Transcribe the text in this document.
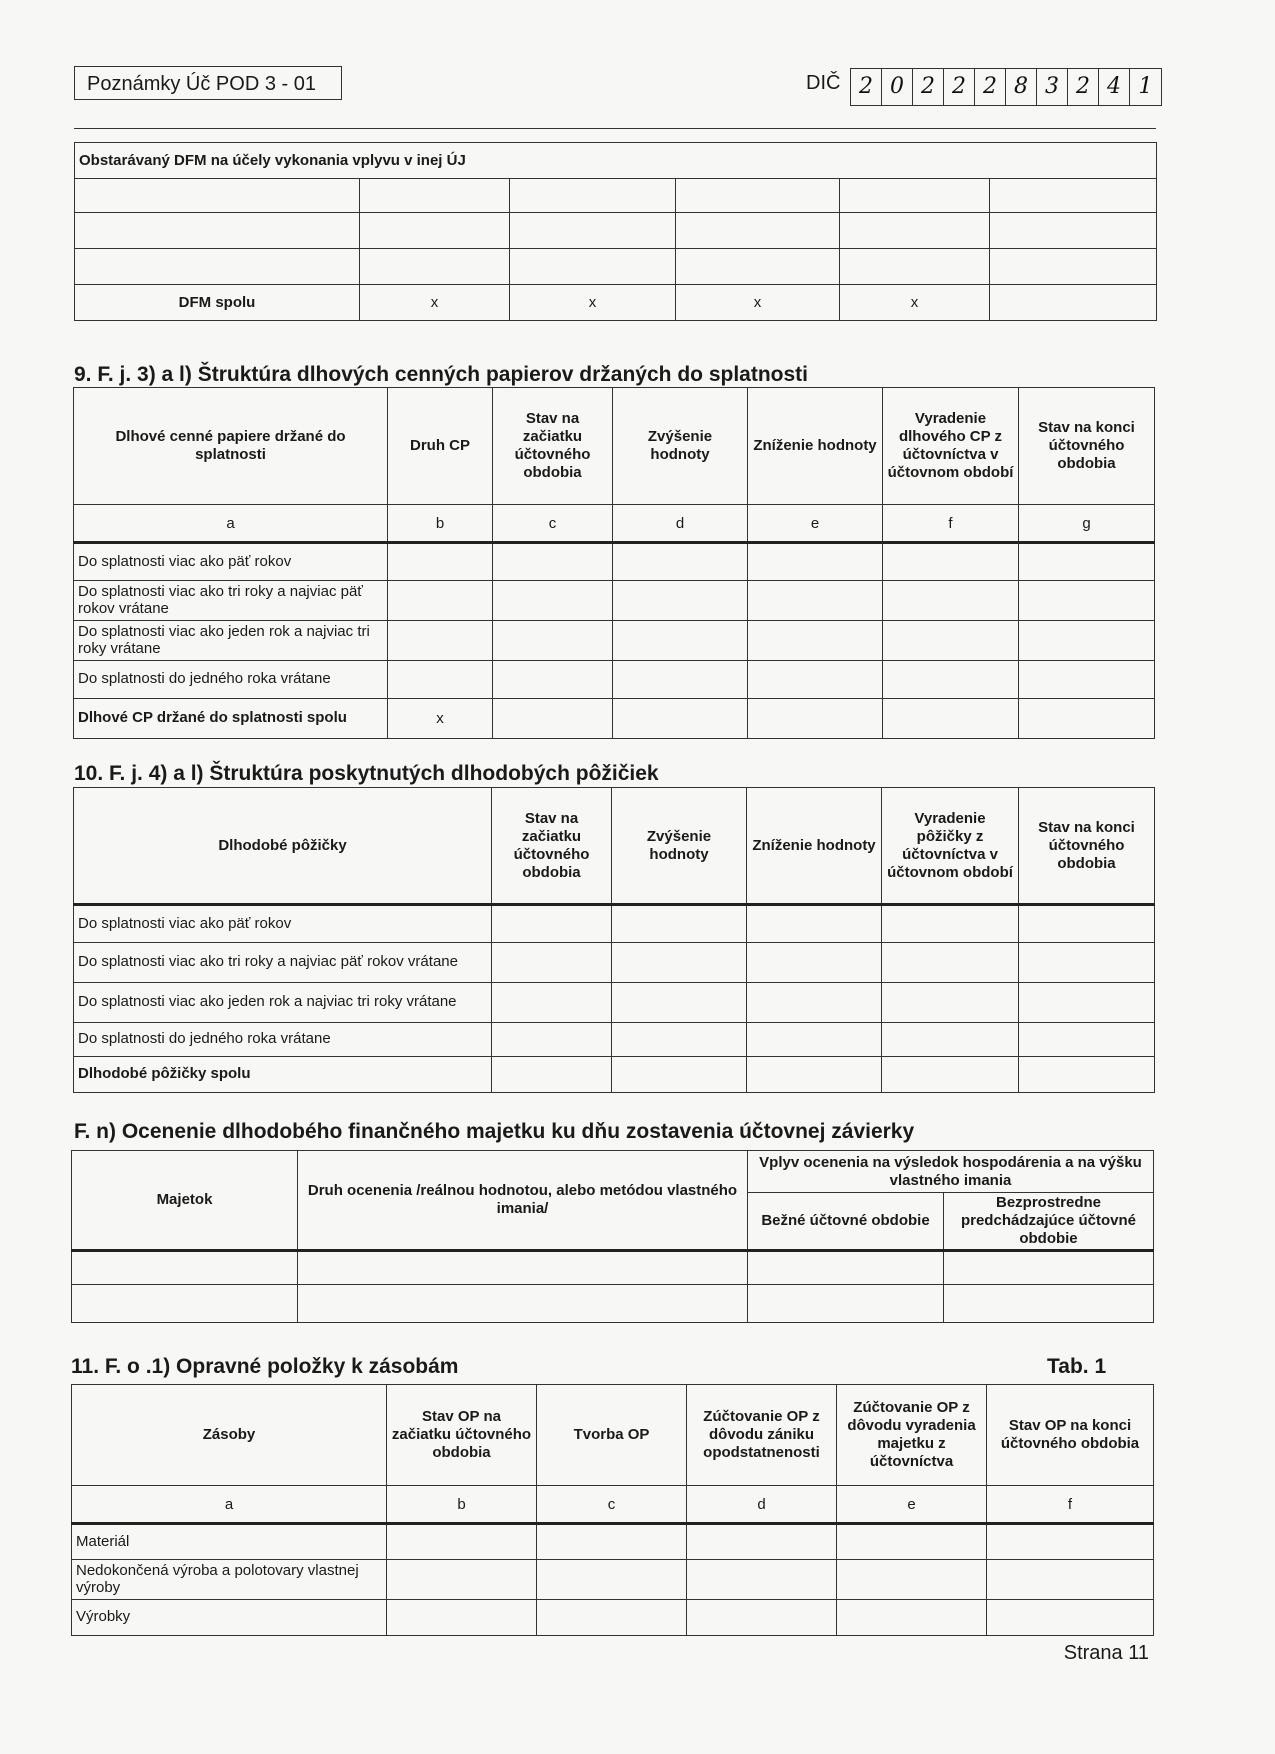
Poznámky Úč POD 3 - 01	DIČ 2 0 2 2 2 8 3 2 4 1
Obstarávaný DFM na účely vykonania vplyvu v inej ÚJ					

DFM spolu	x	x	x	x	
9. F. j. 3) a l) Štruktúra dlhových cenných papierov držaných do splatnosti
Dlhové cenné papiere držané do splatnosti	Druh CP	Stav na začiatku účtovného obdobia	Zvýšenie hodnoty	Zníženie hodnoty	Vyradenie dlhového CP z účtovníctva v účtovnom období	Stav na konci účtovného obdobia
a	b	c	d	e	f	g
Do splatnosti viac ako päť rokov						
Do splatnosti viac ako tri roky a najviac päť rokov vrátane						
Do splatnosti viac ako jeden rok a najviac tri roky vrátane						
Do splatnosti do jedného roka vrátane						
Dlhové CP držané do splatnosti spolu	x					
10. F. j. 4) a l) Štruktúra poskytnutých dlhodobých pôžičiek
Dlhodobé pôžičky	Stav na začiatku účtovného obdobia	Zvýšenie hodnoty	Zníženie hodnoty	Vyradenie pôžičky z účtovníctva v účtovnom období	Stav na konci účtovného obdobia
Do splatnosti viac ako päť rokov					
Do splatnosti viac ako tri roky a najviac päť rokov vrátane					
Do splatnosti viac ako jeden rok a najviac tri roky vrátane					
Do splatnosti do jedného roka vrátane					
Dlhodobé pôžičky spolu					
F. n) Ocenenie dlhodobého finančného majetku ku dňu zostavenia účtovnej závierky
Majetok	Druh ocenenia /reálnou hodnotou, alebo metódou vlastného imania/	Vplyv ocenenia na výsledok hospodárenia a na výšku vlastného imania	
		Bežné účtovné obdobie	Bezprostredne predchádzajúce účtovné obdobie

11. F. o .1) Opravné položky k zásobám	Tab. 1
Zásoby	Stav OP na začiatku účtovného obdobia	Tvorba OP	Zúčtovanie OP z dôvodu zániku opodstatnenosti	Zúčtovanie OP z dôvodu vyradenia majetku z účtovníctva	Stav OP na konci účtovného obdobia
a	b	c	d	e	f
Materiál					
Nedokončená výroba a polotovary vlastnej výroby					
Výrobky					
Strana 11
